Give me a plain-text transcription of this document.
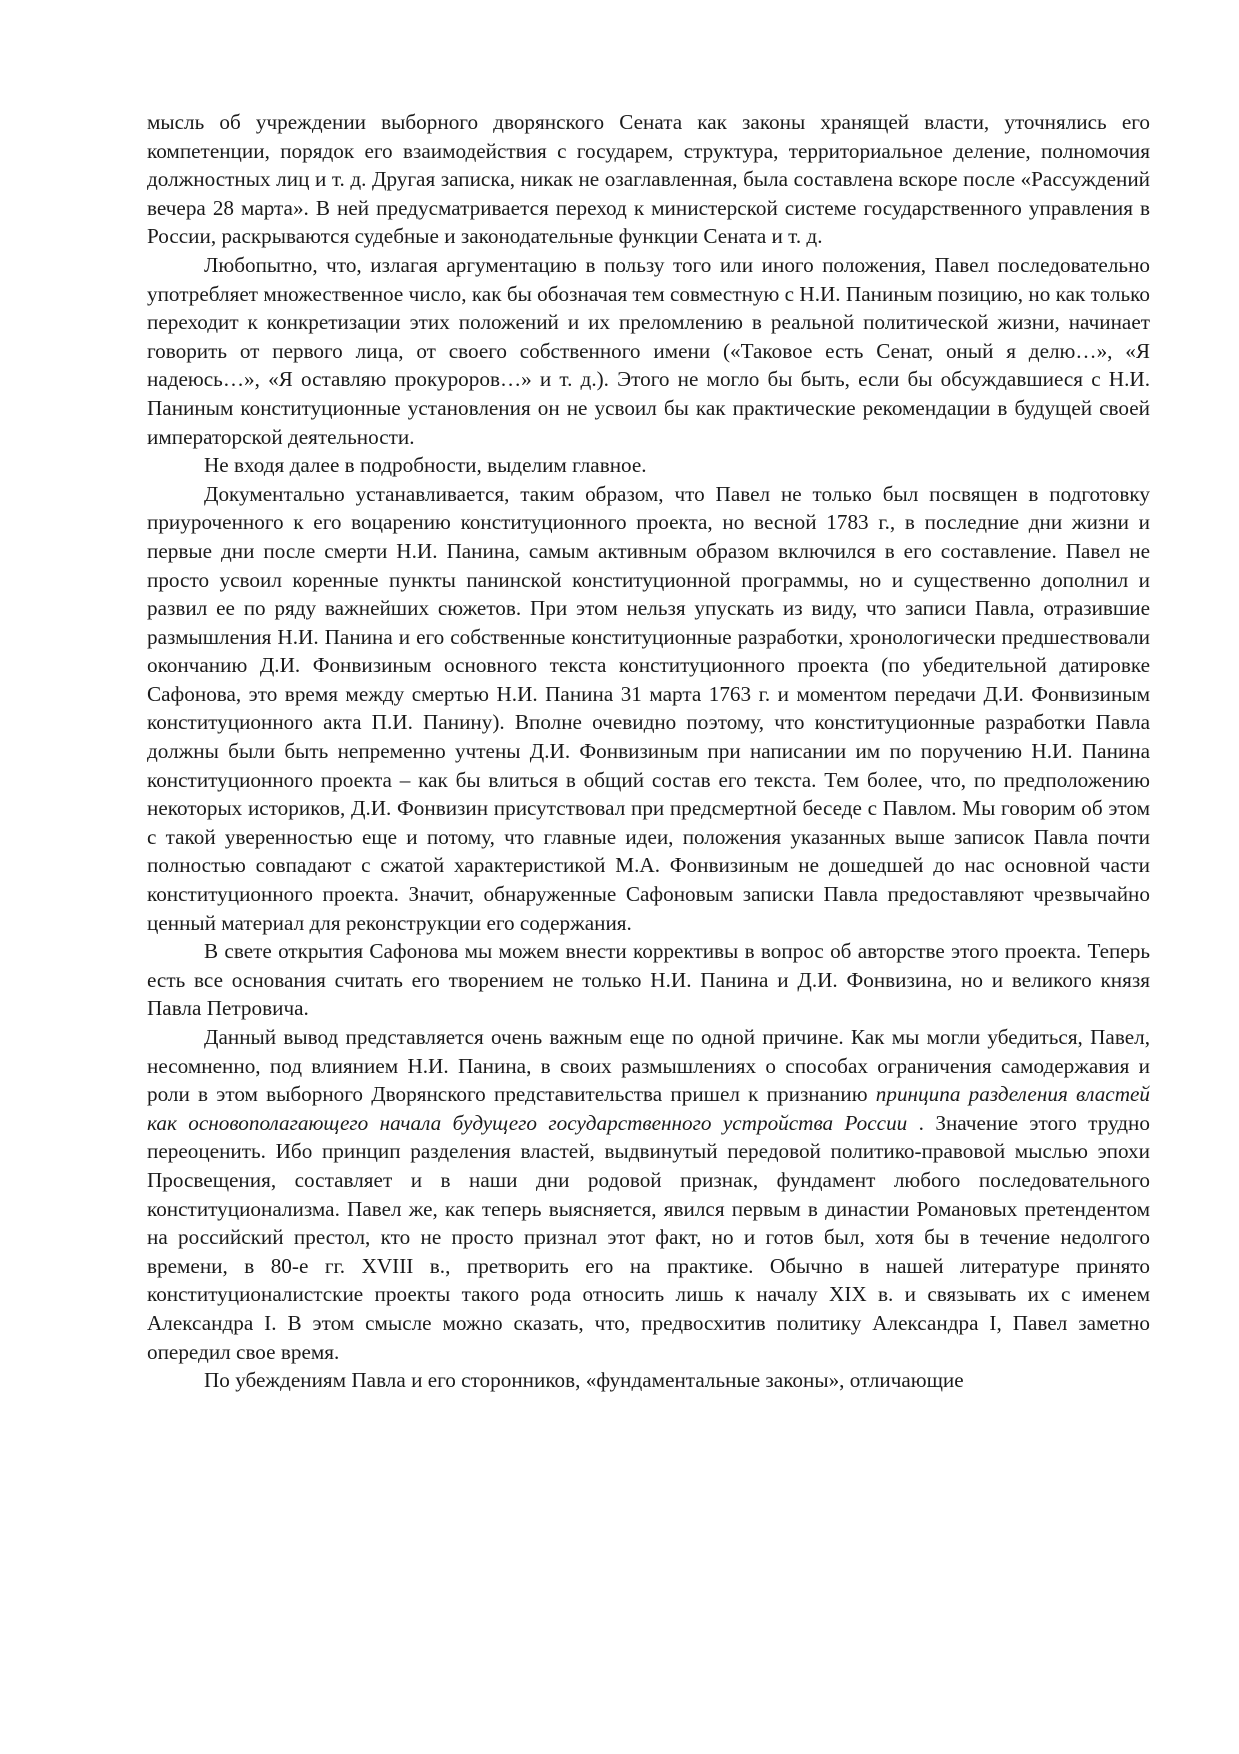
мысль об учреждении выборного дворянского Сената как законы хранящей власти, уточнялись его компетенции, порядок его взаимодействия с государем, структура, территориальное деление, полномочия должностных лиц и т. д. Другая записка, никак не озаглавленная, была составлена вскоре после «Рассуждений вечера 28 марта». В ней предусматривается переход к министерской системе государственного управления в России, раскрываются судебные и законодательные функции Сената и т. д.

Любопытно, что, излагая аргументацию в пользу того или иного положения, Павел последовательно употребляет множественное число, как бы обозначая тем совместную с Н.И. Паниным позицию, но как только переходит к конкретизации этих положений и их преломлению в реальной политической жизни, начинает говорить от первого лица, от своего собственного имени («Таковое есть Сенат, оный я делю…», «Я надеюсь…», «Я оставляю прокуроров…» и т. д.). Этого не могло бы быть, если бы обсуждавшиеся с Н.И. Паниным конституционные установления он не усвоил бы как практические рекомендации в будущей своей императорской деятельности.

Не входя далее в подробности, выделим главное.

Документально устанавливается, таким образом, что Павел не только был посвящен в подготовку приуроченного к его воцарению конституционного проекта, но весной 1783 г., в последние дни жизни и первые дни после смерти Н.И. Панина, самым активным образом включился в его составление. Павел не просто усвоил коренные пункты панинской конституционной программы, но и существенно дополнил и развил ее по ряду важнейших сюжетов. При этом нельзя упускать из виду, что записи Павла, отразившие размышления Н.И. Панина и его собственные конституционные разработки, хронологически предшествовали окончанию Д.И. Фонвизиным основного текста конституционного проекта (по убедительной датировке Сафонова, это время между смертью Н.И. Панина 31 марта 1763 г. и моментом передачи Д.И. Фонвизиным конституционного акта П.И. Панину). Вполне очевидно поэтому, что конституционные разработки Павла должны были быть непременно учтены Д.И. Фонвизиным при написании им по поручению Н.И. Панина конституционного проекта – как бы влиться в общий состав его текста. Тем более, что, по предположению некоторых историков, Д.И. Фонвизин присутствовал при предсмертной беседе с Павлом. Мы говорим об этом с такой уверенностью еще и потому, что главные идеи, положения указанных выше записок Павла почти полностью совпадают с сжатой характеристикой М.А. Фонвизиным не дошедшей до нас основной части конституционного проекта. Значит, обнаруженные Сафоновым записки Павла предоставляют чрезвычайно ценный материал для реконструкции его содержания.

В свете открытия Сафонова мы можем внести коррективы в вопрос об авторстве этого проекта. Теперь есть все основания считать его творением не только Н.И. Панина и Д.И. Фонвизина, но и великого князя Павла Петровича.

Данный вывод представляется очень важным еще по одной причине. Как мы могли убедиться, Павел, несомненно, под влиянием Н.И. Панина, в своих размышлениях о способах ограничения самодержавия и роли в этом выборного Дворянского представительства пришел к признанию принципа разделения властей как основополагающего начала будущего государственного устройства России . Значение этого трудно переоценить. Ибо принцип разделения властей, выдвинутый передовой политико-правовой мыслью эпохи Просвещения, составляет и в наши дни родовой признак, фундамент любого последовательного конституционализма. Павел же, как теперь выясняется, явился первым в династии Романовых претендентом на российский престол, кто не просто признал этот факт, но и готов был, хотя бы в течение недолгого времени, в 80-е гг. XVIII в., претворить его на практике. Обычно в нашей литературе принято конституционалистские проекты такого рода относить лишь к началу XIX в. и связывать их с именем Александра I. В этом смысле можно сказать, что, предвосхитив политику Александра I, Павел заметно опередил свое время.

По убеждениям Павла и его сторонников, «фундаментальные законы», отличающие
